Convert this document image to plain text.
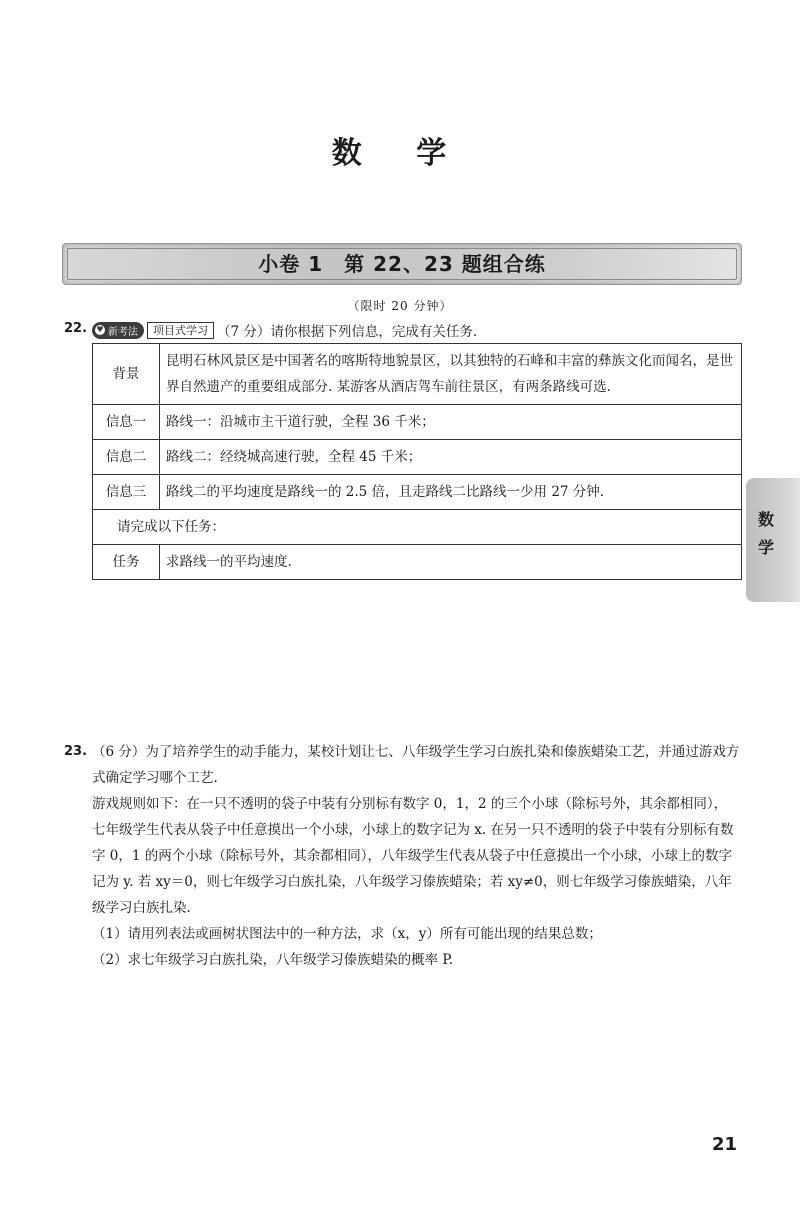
数 学
小卷 1　第 22、23 题组合练
（限时 20 分钟）
22. ♥ 新考法	项目式学习 （7 分）请你根据下列信息，完成有关任务.
背景	昆明石林风景区是中国著名的喀斯特地貌景区，以其独特的石峰和丰富的彝族文化而闻名，是世界自然遗产的重要组成部分. 某游客从酒店驾车前往景区，有两条路线可选.
信息一	路线一：沿城市主干道行驶，全程 36 千米；
信息二	路线二：经绕城高速行驶，全程 45 千米；
信息三	路线二的平均速度是路线一的 2.5 倍，且走路线二比路线一少用 27 分钟.
请完成以下任务：	
任务	求路线一的平均速度.
数
学
23. （6 分）为了培养学生的动手能力，某校计划让七、八年级学生学习白族扎染和傣族蜡染工艺，并通过游戏方式确定学习哪个工艺.
游戏规则如下：在一只不透明的袋子中装有分别标有数字 0，1，2 的三个小球（除标号外，其余都相同），七年级学生代表从袋子中任意摸出一个小球，小球上的数字记为 x. 在另一只不透明的袋子中装有分别标有数字 0，1 的两个小球（除标号外，其余都相同），八年级学生代表从袋子中任意摸出一个小球，小球上的数字记为 y. 若 xy＝0，则七年级学习白族扎染，八年级学习傣族蜡染；若 xy≠0，则七年级学习傣族蜡染，八年级学习白族扎染.
（1）请用列表法或画树状图法中的一种方法，求（x，y）所有可能出现的结果总数；
（2）求七年级学习白族扎染，八年级学习傣族蜡染的概率 P.
21
